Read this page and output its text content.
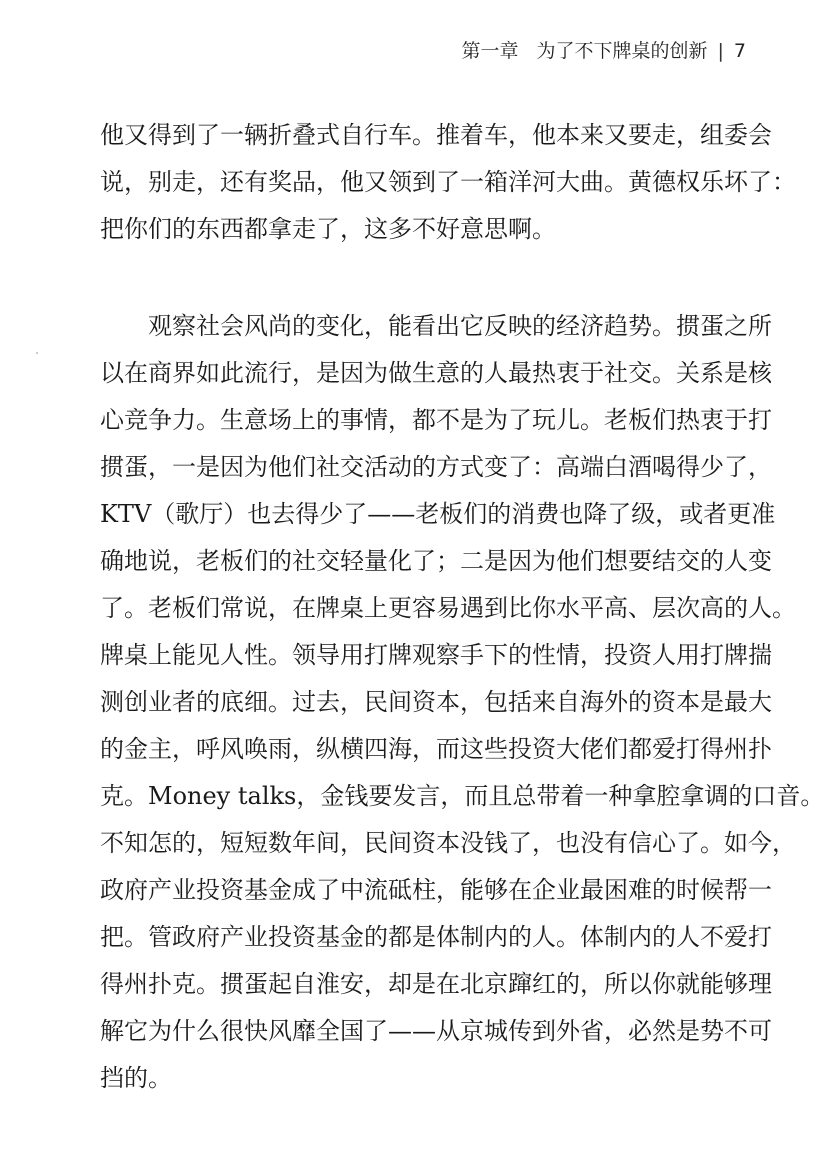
第一章 为了不下牌桌的创新 | 7
他又得到了一辆折叠式自行车。推着车，他本来又要走，组委会
说，别走，还有奖品，他又领到了一箱洋河大曲。黄德权乐坏了：
把你们的东西都拿走了，这多不好意思啊。
观察社会风尚的变化，能看出它反映的经济趋势。掼蛋之所
以在商界如此流行，是因为做生意的人最热衷于社交。关系是核
心竞争力。生意场上的事情，都不是为了玩儿。老板们热衷于打
掼蛋，一是因为他们社交活动的方式变了：高端白酒喝得少了，
KTV（歌厅）也去得少了——老板们的消费也降了级，或者更准
确地说，老板们的社交轻量化了；二是因为他们想要结交的人变
了。老板们常说，在牌桌上更容易遇到比你水平高、层次高的人。
牌桌上能见人性。领导用打牌观察手下的性情，投资人用打牌揣
测创业者的底细。过去，民间资本，包括来自海外的资本是最大
的金主，呼风唤雨，纵横四海，而这些投资大佬们都爱打得州扑
克。Money talks，金钱要发言，而且总带着一种拿腔拿调的口音。
不知怎的，短短数年间，民间资本没钱了，也没有信心了。如今，
政府产业投资基金成了中流砥柱，能够在企业最困难的时候帮一
把。管政府产业投资基金的都是体制内的人。体制内的人不爱打
得州扑克。掼蛋起自淮安，却是在北京蹿红的，所以你就能够理
解它为什么很快风靡全国了——从京城传到外省，必然是势不可
挡的。
